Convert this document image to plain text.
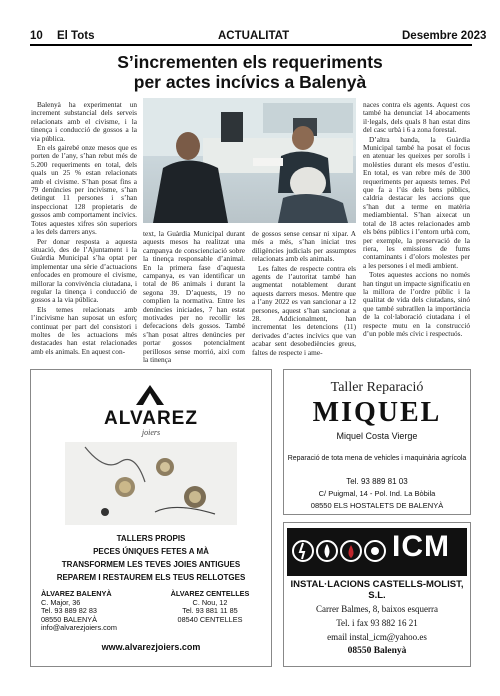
10 El Tots	ACTUALITAT	Desembre 2023
S’incrementen els requeriments
per actes incívics a Balenyà

Balenyà ha experimentat un increment substancial dels serveis relacionats amb el civisme, i la tinença i conducció de gossos a la via pública.

En els gairebé onze mesos que es porten de l’any, s’han rebut més de 5.200 requeriments en total, dels quals un 25 % estan relacionats amb el civisme. S’han posat fins a 79 denúncies per incivisme, s’han detingut 11 persones i s’han inspeccionat 128 propietaris de gossos amb comportament incívics. Totes aquestes xifres són superiors a les dels darrers anys.

Per donar resposta a aquesta situació, des de l’Ajuntament i la Guàrdia Municipal s’ha optat per implementar una sèrie d’actuacions enfocades en promoure el civisme, millorar la convivència ciutadana, i regular la tinença i conducció de gossos a la via pública.

Els temes relacionats amb l’incivisme han suposat un esforç continuat per part del consistori i moltes de les actuacions més destacades han estat relacionades amb els animals. En aquest con-

text, la Guàrdia Municipal durant aquests mesos ha realitzat una campanya de conscienciació sobre la tinença responsable d’animal. En la primera fase d’aquesta campanya, es van identificar un total de 86 animals i durant la segona 39. D’aquests, 19 no complien la normativa. Entre les denúncies iniciades, 7 han estat motivades per no recollir les defecacions dels gossos. També s’han posat altres denúncies per portar gossos potencialment perillosos sense morrió, així com la tinença

de gossos sense censar ni xipar. A més a més, s’han iniciat tres diligències judicials per assumptes relacionats amb els animals.

Les faltes de respecte contra els agents de l’autoritat també han augmentat notablement durant aquests darrers mesos. Mentre que a l’any 2022 es van sancionar a 12 persones, aquest s’han sancionat a 28. Addicionalment, han incrementat les detencions (11) derivades d’actes incívics que van acabar sent desobediències greus, faltes de respecte i ame-

naces contra els agents. Aquest cos també ha denunciat 14 abocaments il·legals, dels quals 8 han estat dins del casc urbà i 6 a zona forestal.

D’altra banda, la Guàrdia Municipal també ha posat el focus en atenuar les queixes per sorolls i molèsties durant els mesos d’estiu. En total, es van rebre més de 300 requeriments per aquests temes. Pel que fa a l’ús dels bens públics, caldria destacar les accions que s’han dut a terme en matèria mediambiental. S’han aixecat un total de 18 actes relacionades amb els béns públics i l’entorn urbà com, per exemple, la preservació de la riera, les emissions de fums contaminants i d’olors molestes per a les persones i el medi ambient.

Totes aquestes accions no només han tingut un impacte significatiu en la millora de l’ordre públic i la qualitat de vida dels ciutadans, sinó que també subratllen la importància de la col·laboració ciutadana i el respecte mutu en la construcció d’un poble més cívic i respectuós.

ALVAREZ
joiers
TALLERS PROPIS
PECES ÚNIQUES FETES A MÀ
TRANSFORMEM LES TEVES JOIES ANTIGUES
REPAREM I RESTAUREM ELS TEUS RELLOTGES
ÀLVAREZ BALENYÀ
C. Major, 36
Tel. 93 889 82 83
08550 BALENYÀ
info@alvarezjoiers.com
ÀLVAREZ CENTELLES
C. Nou, 12
Tel. 93 881 11 85
08540 CENTELLES
www.alvarezjoiers.com
Taller Reparació
MIQUEL
Miquel Costa Vierge
Reparació de tota mena de vehicles i maquinària agrícola
Tel. 93 889 81 03
C/ Puigmal, 14 - Pol. Ind. La Bòbila
08550 ELS HOSTALETS DE BALENYÀ
ICM
INSTAL·LACIONS CASTELLS-MOLIST, S.L.
Carrer Balmes, 8, baixos esquerra
Tel. i fax 93 882 16 21
email instal_icm@yahoo.es
08550 Balenyà
